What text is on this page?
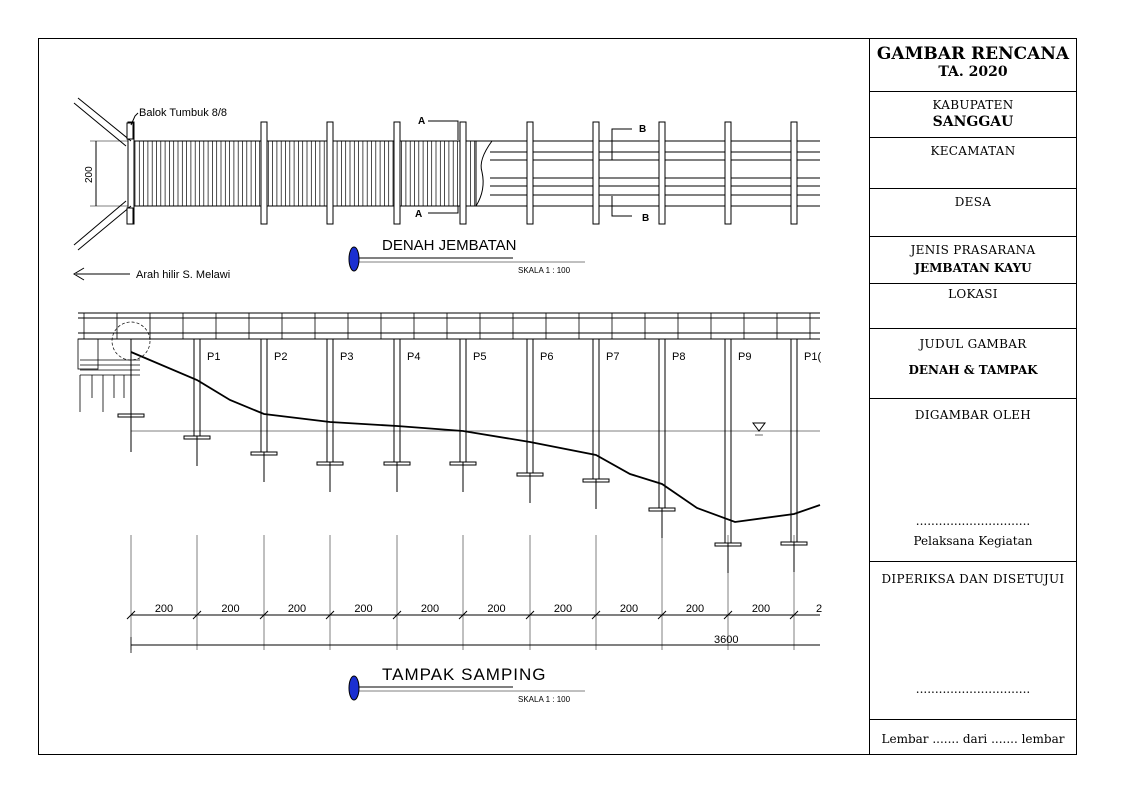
Balok Tumbuk 8/8
200
A
A
B
B
DENAH JEMBATAN
SKALA 1 : 100
Arah hilir S. Melawi
P1	P2	P3	P4	P5	P6	P7	P8	P9	P1(
200	200	200	200	200	200	200	200	200	200	2
3600
TAMPAK SAMPING
SKALA 1 : 100
GAMBAR RENCANA
TA. 2020
KABUPATEN
SANGGAU
KECAMATAN
DESA
JENIS PRASARANA
JEMBATAN KAYU
LOKASI
JUDUL GAMBAR
DENAH & TAMPAK
DIGAMBAR OLEH
..............................
Pelaksana Kegiatan
DIPERIKSA DAN DISETUJUI
..............................
Lembar ....... dari ....... lembar
